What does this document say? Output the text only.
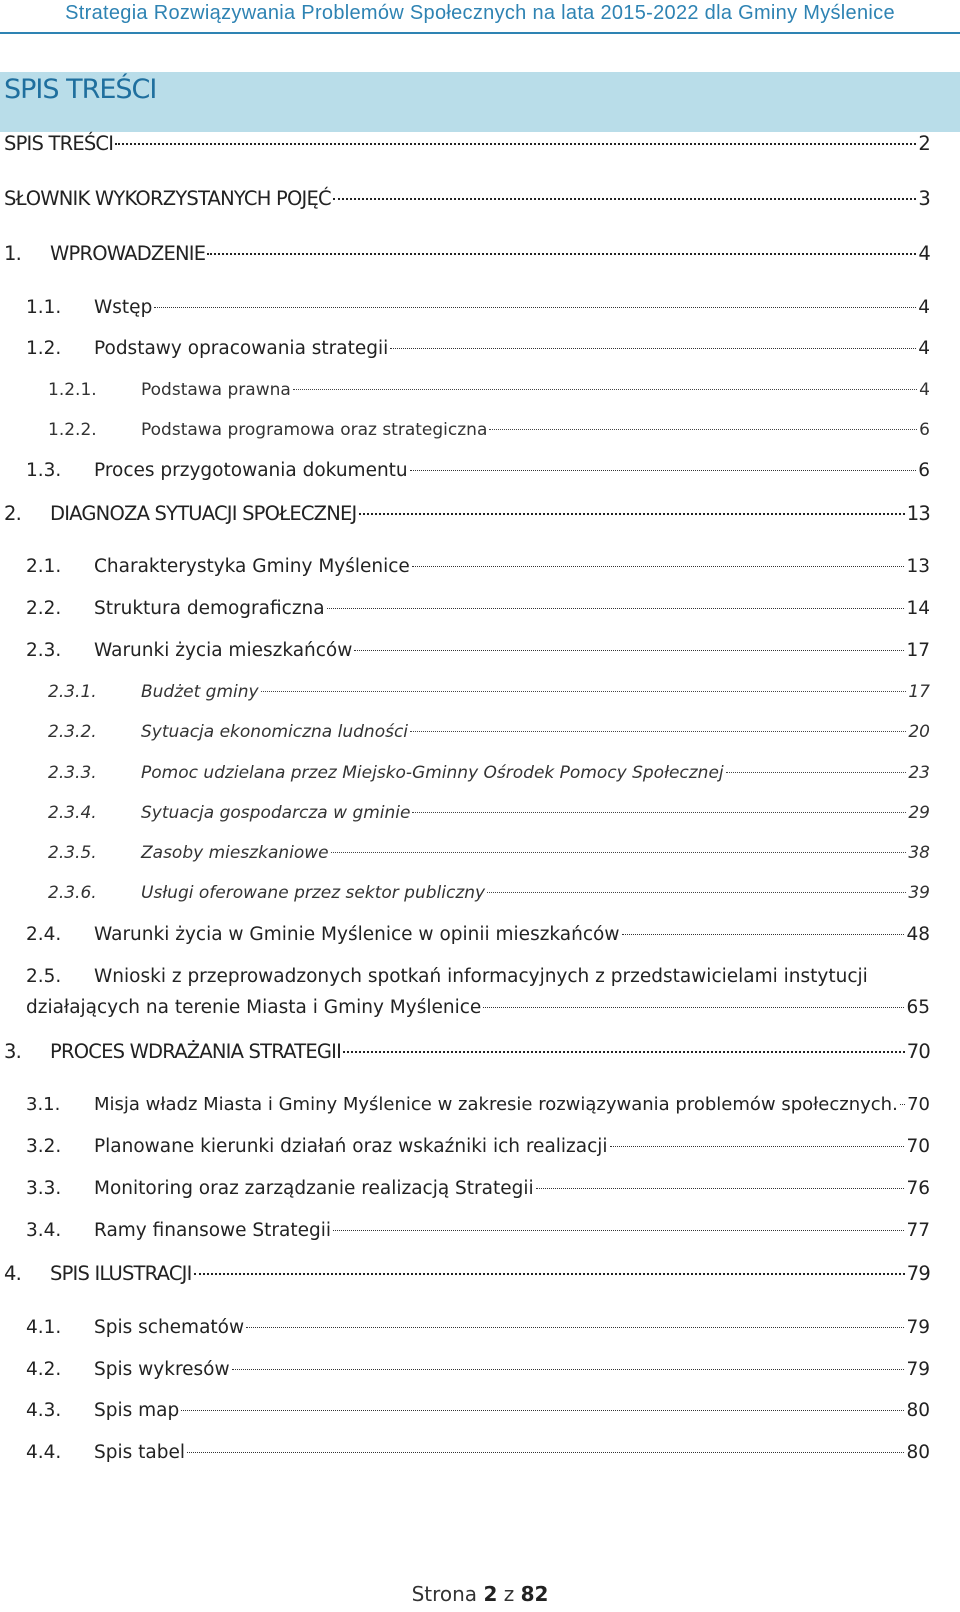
Strategia Rozwiązywania Problemów Społecznych na lata 2015-2022 dla Gminy Myślenice
SPIS TREŚCI
SPIS TREŚCI	2
SŁOWNIK WYKORZYSTANYCH POJĘĆ	3
1.	WPROWADZENIE	4
1.1.	Wstęp	4
1.2.	Podstawy opracowania strategii	4
1.2.1.	Podstawa prawna	4
1.2.2.	Podstawa programowa oraz strategiczna	6
1.3.	Proces przygotowania dokumentu	6
2.	DIAGNOZA SYTUACJI SPOŁECZNEJ	13
2.1.	Charakterystyka Gminy Myślenice	13
2.2.	Struktura demograficzna	14
2.3.	Warunki życia mieszkańców	17
2.3.1.	Budżet gminy	17
2.3.2.	Sytuacja ekonomiczna ludności	20
2.3.3.	Pomoc udzielana przez Miejsko-Gminny Ośrodek Pomocy Społecznej	23
2.3.4.	Sytuacja gospodarcza w gminie	29
2.3.5.	Zasoby mieszkaniowe	38
2.3.6.	Usługi oferowane przez sektor publiczny	39
2.4.	Warunki życia w Gminie Myślenice w opinii mieszkańców	48
2.5. Wnioski z przeprowadzonych spotkań informacyjnych z przedstawicielami instytucji
działających na terenie Miasta i Gminy Myślenice	65
3.	PROCES WDRAŻANIA STRATEGII	70
3.1.	Misja władz Miasta i Gminy Myślenice w zakresie rozwiązywania problemów społecznych. 70
3.2.	Planowane kierunki działań oraz wskaźniki ich realizacji	70
3.3.	Monitoring oraz zarządzanie realizacją Strategii	76
3.4.	Ramy finansowe Strategii	77
4.	SPIS ILUSTRACJI	79
4.1.	Spis schematów	79
4.2.	Spis wykresów	79
4.3.	Spis map	80
4.4.	Spis tabel	80
Strona 2 z 82
